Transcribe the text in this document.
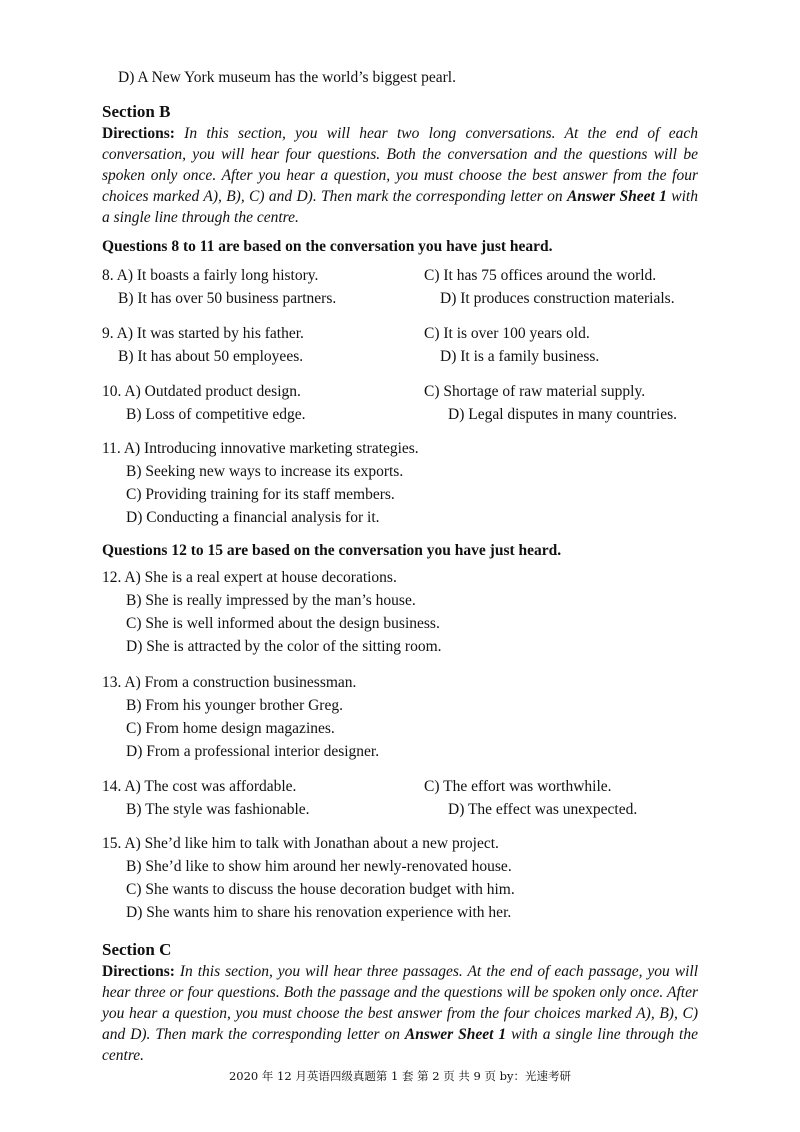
D) A New York museum has the world’s biggest pearl.
Section B
Directions: In this section, you will hear two long conversations. At the end of each conversation, you will hear four questions. Both the conversation and the questions will be spoken only once. After you hear a question, you must choose the best answer from the four choices marked A), B), C) and D). Then mark the corresponding letter on Answer Sheet 1 with a single line through the centre.
Questions 8 to 11 are based on the conversation you have just heard.
8. A) It boasts a fairly long history.	C) It has 75 offices around the world.
B) It has over 50 business partners.	D) It produces construction materials.
9. A) It was started by his father.	C) It is over 100 years old.
B) It has about 50 employees.	D) It is a family business.
10. A) Outdated product design.	C) Shortage of raw material supply.
B) Loss of competitive edge.	D) Legal disputes in many countries.
11. A) Introducing innovative marketing strategies.
B) Seeking new ways to increase its exports.
C) Providing training for its staff members.
D) Conducting a financial analysis for it.
Questions 12 to 15 are based on the conversation you have just heard.
12. A) She is a real expert at house decorations.
B) She is really impressed by the man’s house.
C) She is well informed about the design business.
D) She is attracted by the color of the sitting room.
13. A) From a construction businessman.
B) From his younger brother Greg.
C) From home design magazines.
D) From a professional interior designer.
14. A) The cost was affordable.	C) The effort was worthwhile.
B) The style was fashionable.	D) The effect was unexpected.
15. A) She’d like him to talk with Jonathan about a new project.
B) She’d like to show him around her newly-renovated house.
C) She wants to discuss the house decoration budget with him.
D) She wants him to share his renovation experience with her.
Section C
Directions: In this section, you will hear three passages. At the end of each passage, you will hear three or four questions. Both the passage and the questions will be spoken only once. After you hear a question, you must choose the best answer from the four choices marked A), B), C) and D). Then mark the corresponding letter on Answer Sheet 1 with a single line through the centre.
2020 年 12 月英语四级真题第 1 套 第 2 页 共 9 页 by：光速考研
